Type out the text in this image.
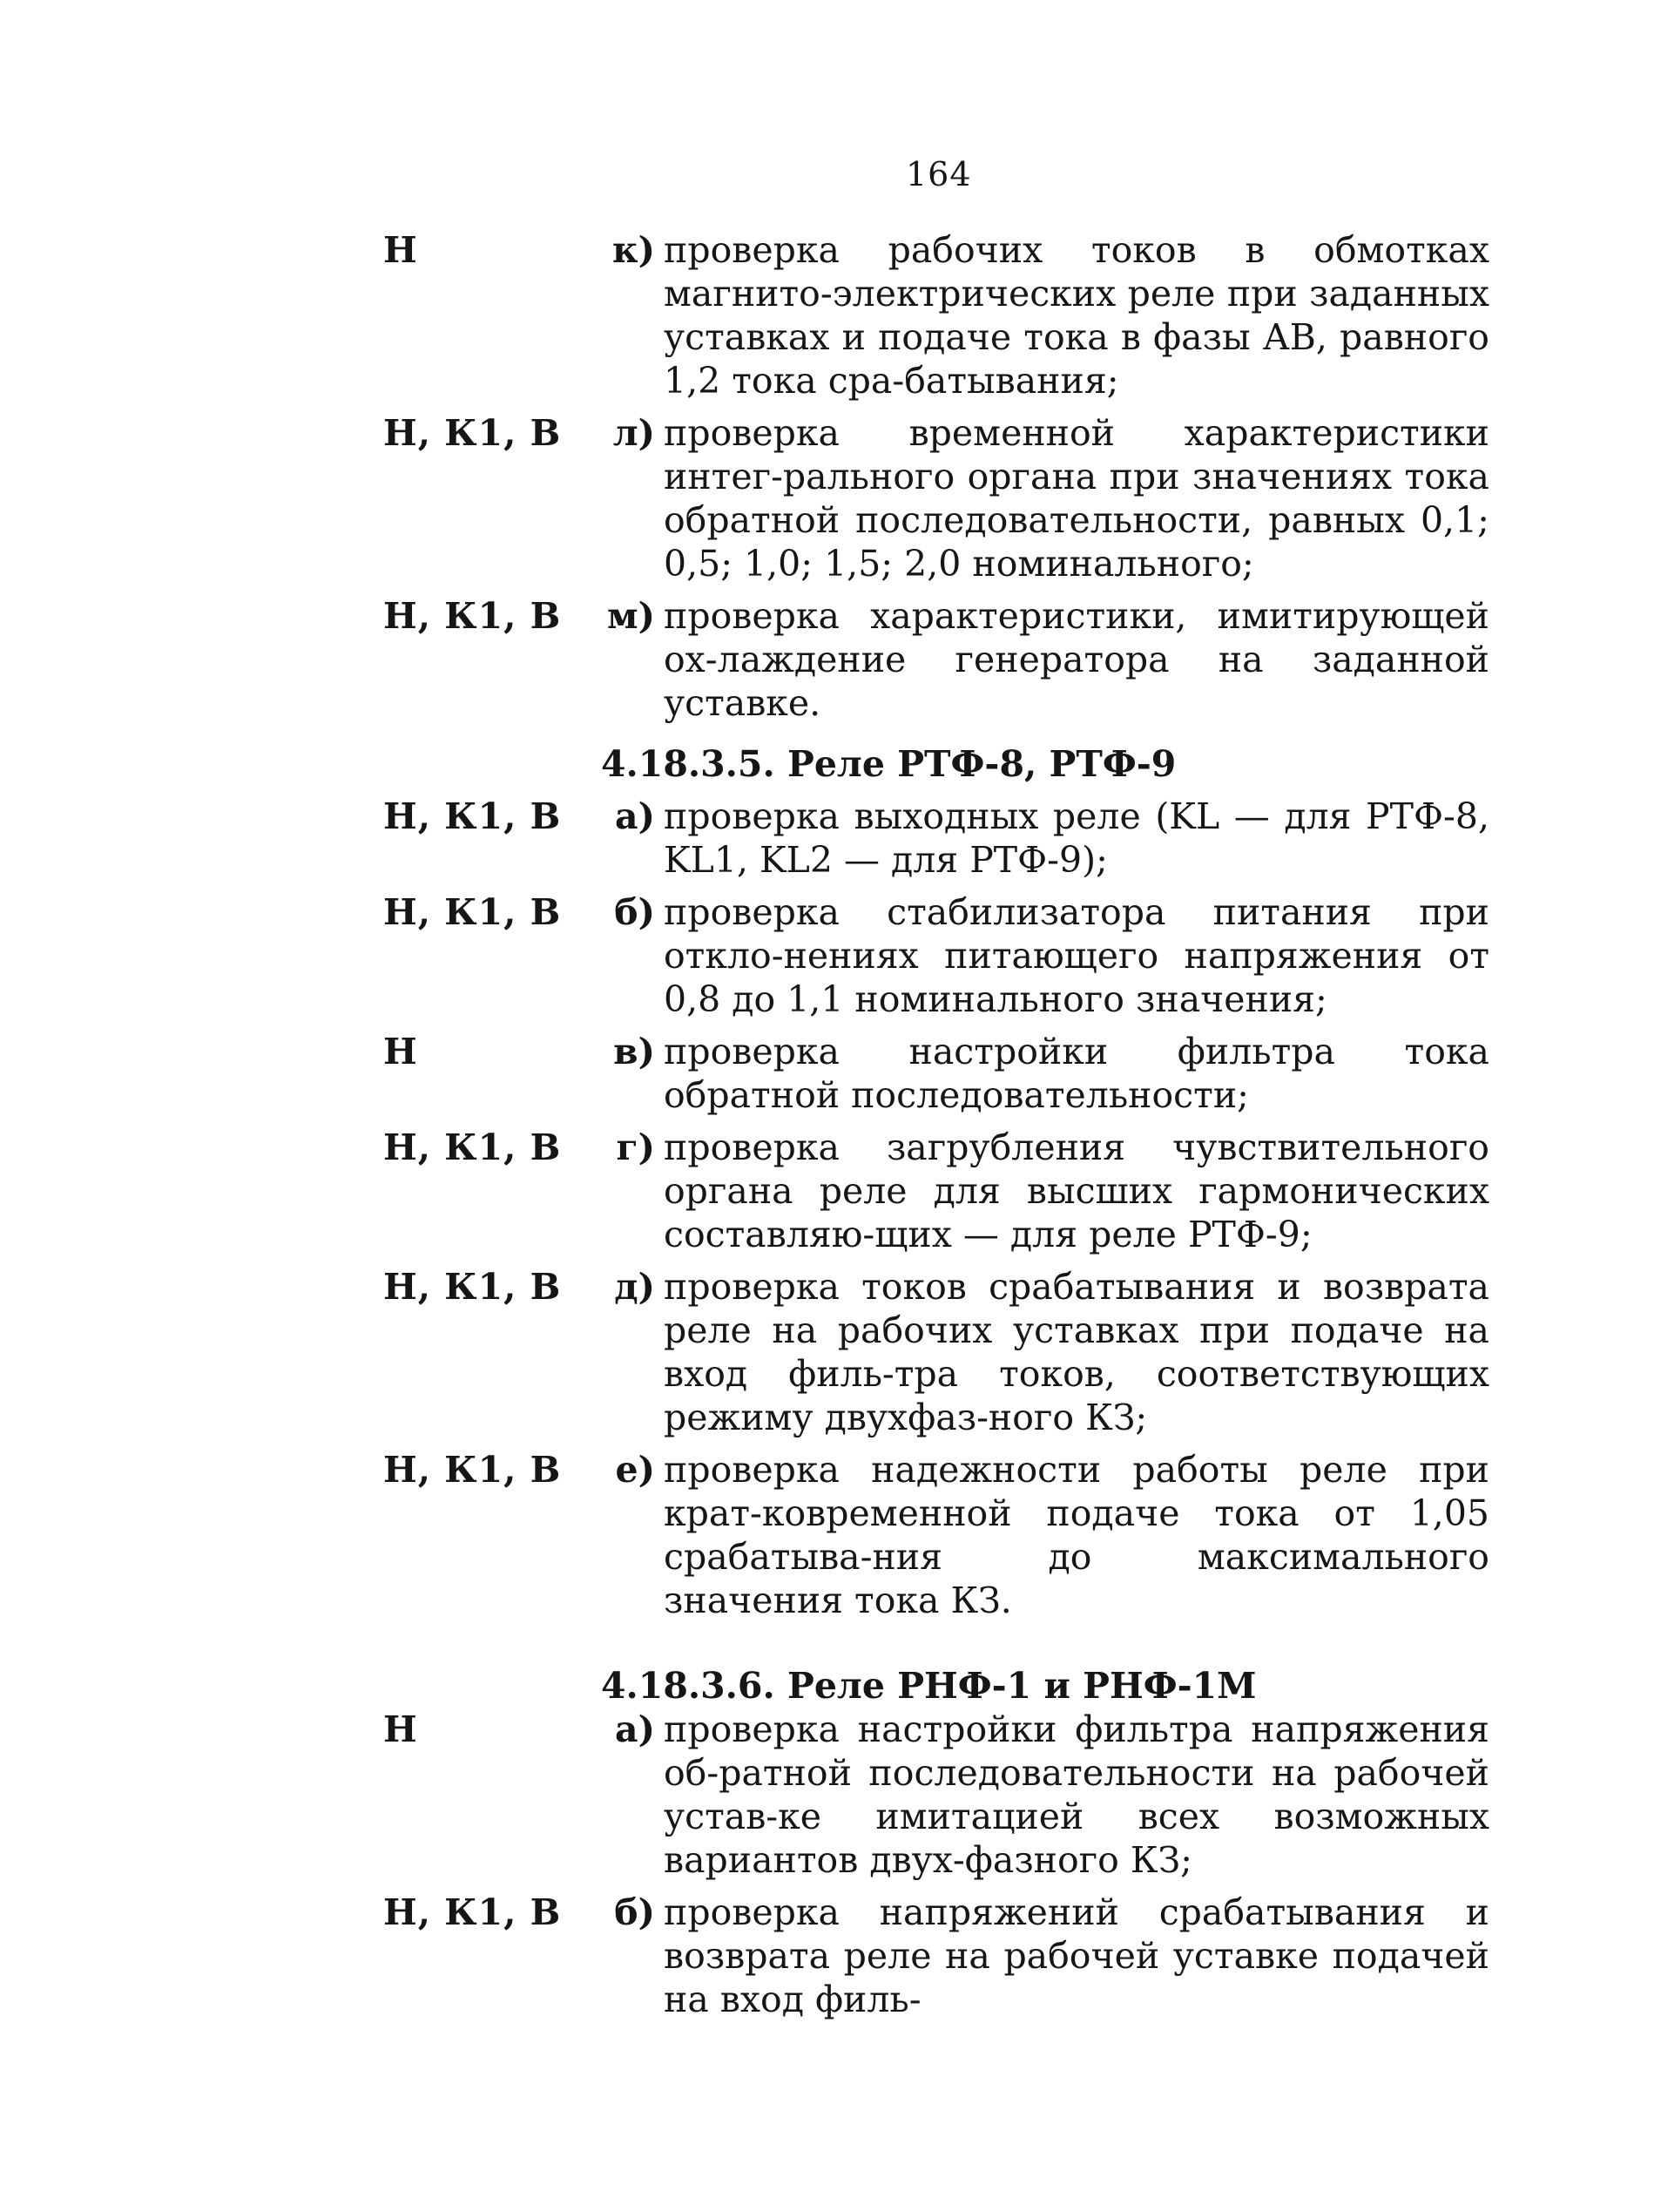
164
Н	к) проверка рабочих токов в обмотках магнито-электрических реле при заданных уставках и подаче тока в фазы АВ, равного 1,2 тока сра-батывания;
Н, К1, В	л) проверка временной характеристики интег-рального органа при значениях тока обратной последовательности, равных 0,1; 0,5; 1,0; 1,5; 2,0 номинального;
Н, К1, В	м) проверка характеристики, имитирующей ох-лаждение генератора на заданной уставке.
4.18.3.5. Реле РТФ-8, РТФ-9
Н, К1, В	а) проверка выходных реле (KL — для РТФ-8, KL1, KL2 — для РТФ-9);
Н, К1, В	б) проверка стабилизатора питания при откло-нениях питающего напряжения от 0,8 до 1,1 номинального значения;
Н	в) проверка настройки фильтра тока обратной последовательности;
Н, К1, В	г) проверка загрубления чувствительного органа реле для высших гармонических составляю-щих — для реле РТФ-9;
Н, К1, В	д) проверка токов срабатывания и возврата реле на рабочих уставках при подаче на вход филь-тра токов, соответствующих режиму двухфаз-ного КЗ;
Н, К1, В	е) проверка надежности работы реле при крат-ковременной подаче тока от 1,05 срабатыва-ния до максимального значения тока КЗ.
4.18.3.6. Реле РНФ-1 и РНФ-1М
Н	а) проверка настройки фильтра напряжения об-ратной последовательности на рабочей устав-ке имитацией всех возможных вариантов двух-фазного КЗ;
Н, К1, В	б) проверка напряжений срабатывания и возврата реле на рабочей уставке подачей на вход филь-
